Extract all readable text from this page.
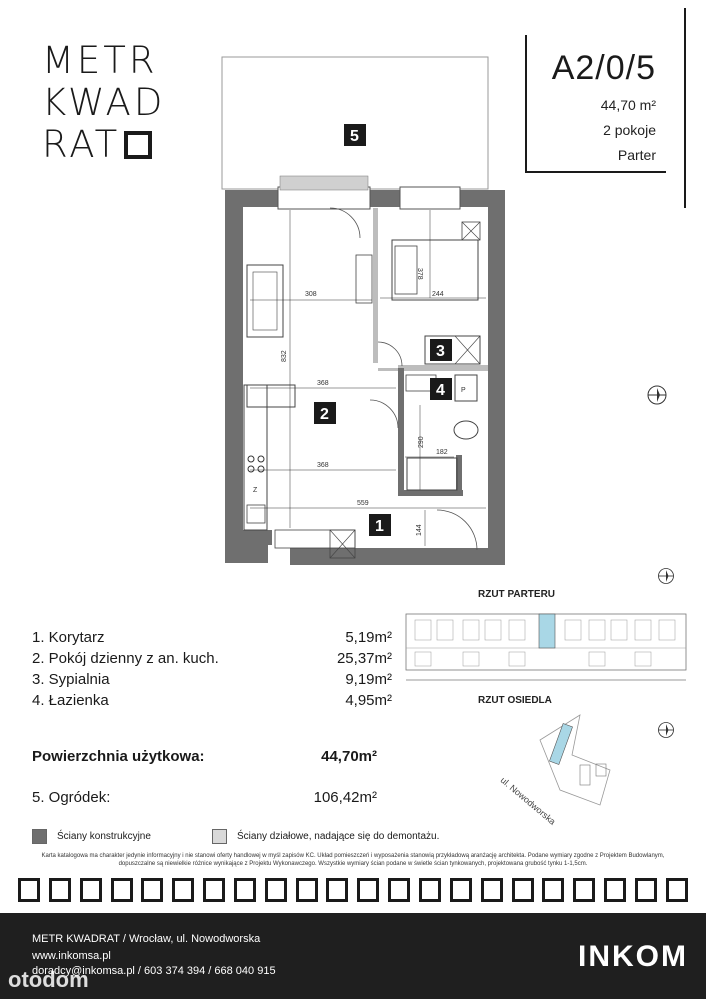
METR
KWAD
RAT
A2/0/5
44,70 m²
2 pokoje
Parter
Z
P
308
378
244
832
368
290
182
368
559
144
5
2
3
4
1
RZUT PARTERU
RZUT OSIEDLA
ul. Nowodworska
1. Korytarz	5,19m²
2. Pokój dzienny z an. kuch.	25,37m²
3. Sypialnia	9,19m²
4. Łazienka	4,95m²
Powierzchnia użytkowa:	44,70m²
5. Ogródek:	106,42m²
Ściany konstrukcyjne	Ściany działowe, nadające się do demontażu.
Karta katalogowa ma charakter jedynie informacyjny i nie stanowi oferty handlowej w myśl zapisów KC. Układ pomieszczeń i wyposażenia stanowią przykładową aranżację architekta. Podane wymiary zgodne z Projektem Budowlanym, dopuszczalne są niewielkie różnice wynikające z Projektu Wykonawczego. Wszystkie wymiary ścian podane w świetle ścian tynkowanych, projektowana grubość tynku 1-1,5cm.
METR KWADRAT / Wrocław, ul. Nowodworska
www.inkomsa.pl
doradcy@inkomsa.pl / 603 374 394 / 668 040 915	INKOM
otodom
